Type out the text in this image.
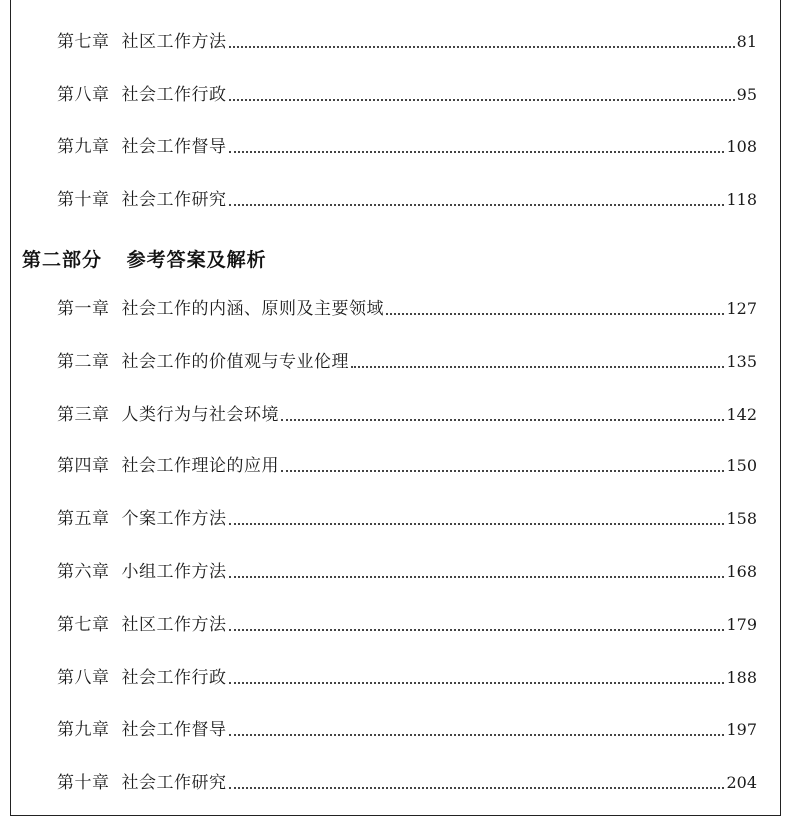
第七章 社区工作方法	81
第八章 社会工作行政	95
第九章 社会工作督导	108
第十章 社会工作研究	118
第二部分 参考答案及解析
第一章 社会工作的内涵、原则及主要领域	127
第二章 社会工作的价值观与专业伦理	135
第三章 人类行为与社会环境	142
第四章 社会工作理论的应用	150
第五章 个案工作方法	158
第六章 小组工作方法	168
第七章 社区工作方法	179
第八章 社会工作行政	188
第九章 社会工作督导	197
第十章 社会工作研究	204
